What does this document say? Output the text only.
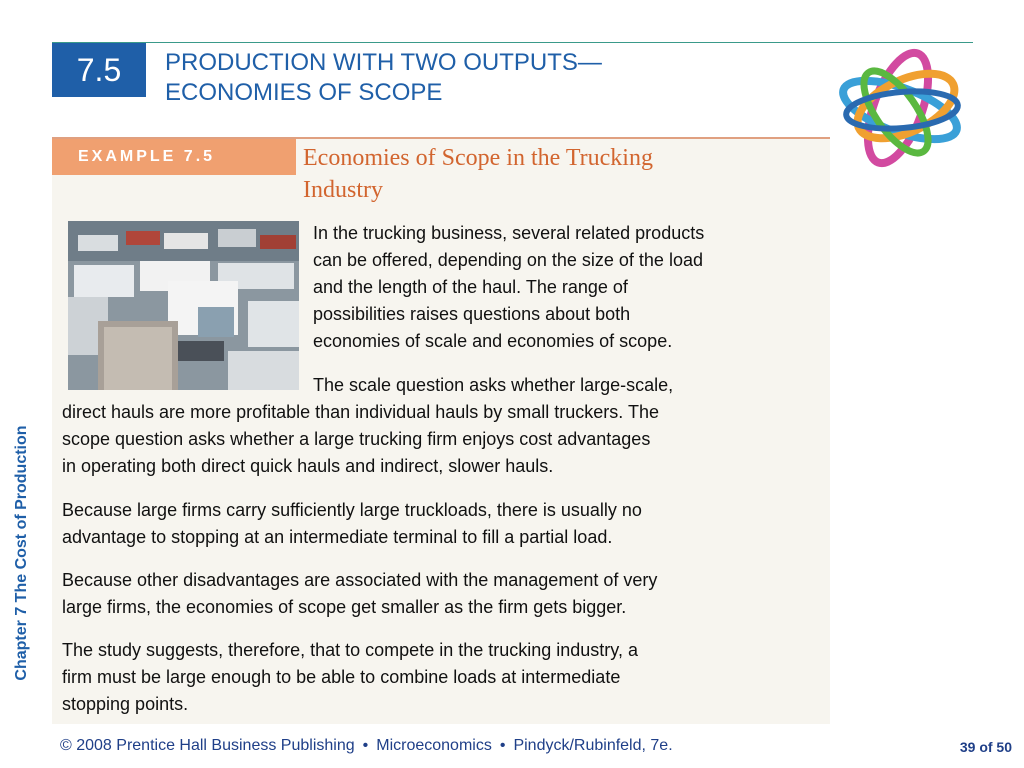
7.5 PRODUCTION WITH TWO OUTPUTS—
ECONOMIES OF SCOPE
EXAMPLE 7.5	Economies of Scope in the Trucking
Industry
In the trucking business, several related products
can be offered, depending on the size of the load
and the length of the haul. The range of
possibilities raises questions about both
economies of scale and economies of scope.
The scale question asks whether large-scale,
direct hauls are more profitable than individual hauls by small truckers. The
scope question asks whether a large trucking firm enjoys cost advantages
in operating both direct quick hauls and indirect, slower hauls.
Because large firms carry sufficiently large truckloads, there is usually no
advantage to stopping at an intermediate terminal to fill a partial load.
Because other disadvantages are associated with the management of very
large firms, the economies of scope get smaller as the firm gets bigger.
The study suggests, therefore, that to compete in the trucking industry, a
firm must be large enough to be able to combine loads at intermediate
stopping points.
Chapter 7 The Cost of Production
© 2008 Prentice Hall Business Publishing • Microeconomics • Pindyck/Rubinfeld, 7e.	39 of 50
